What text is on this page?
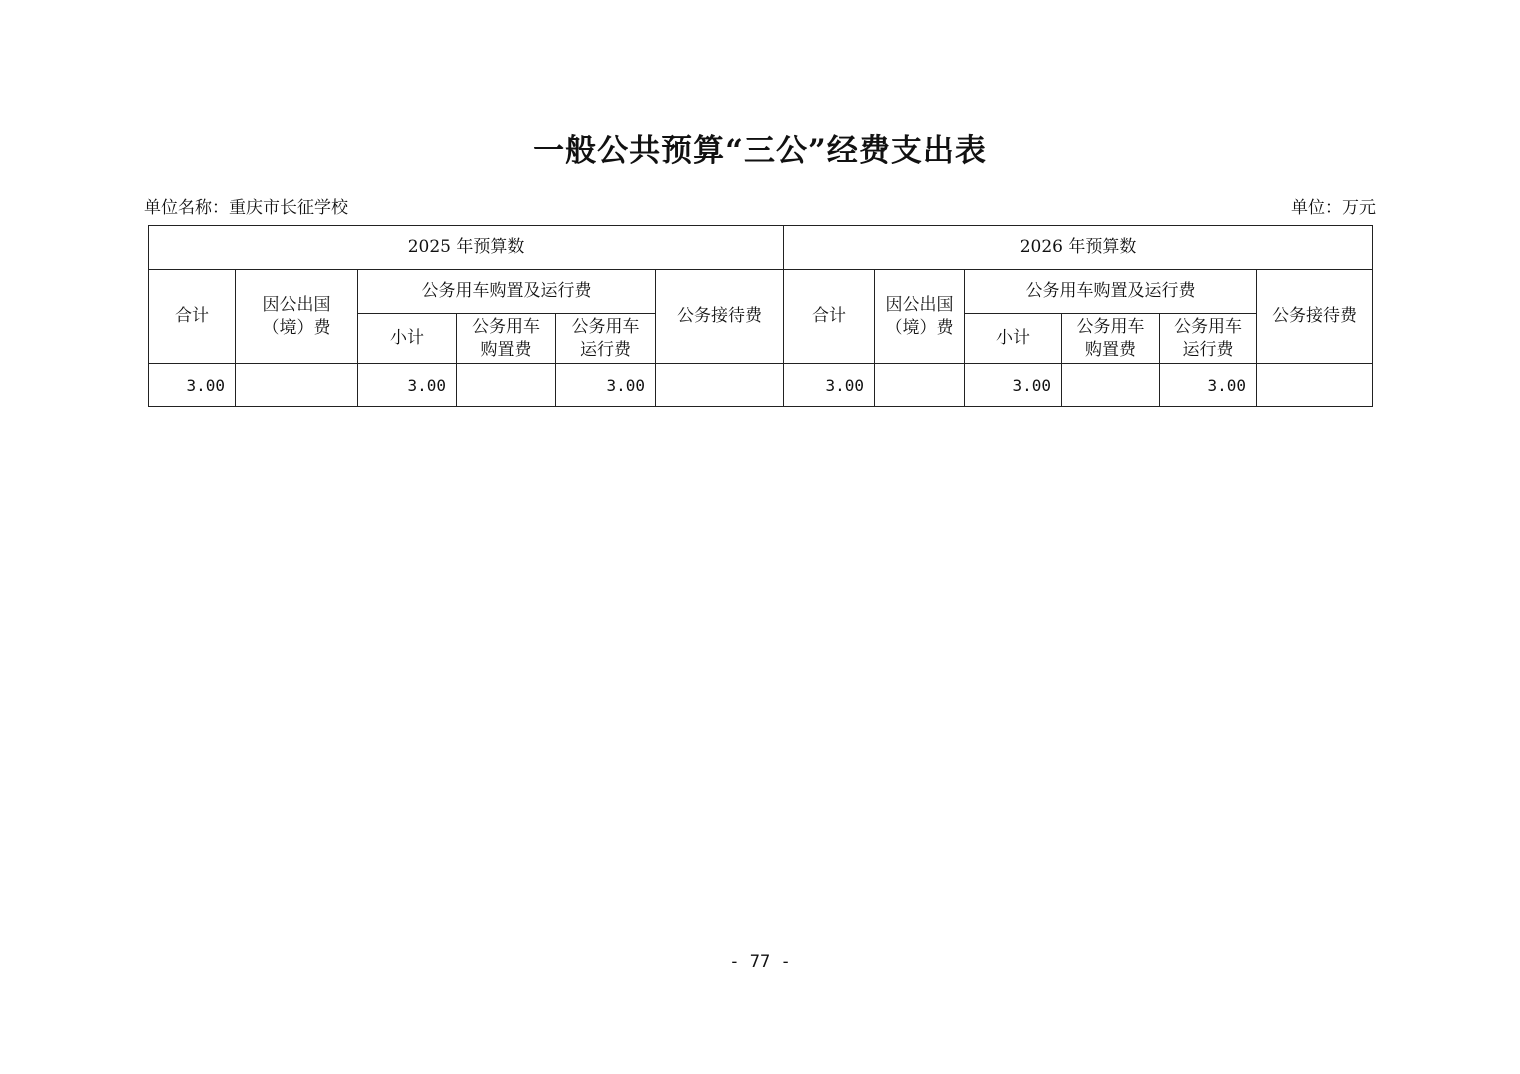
一般公共预算“三公”经费支出表
单位名称：重庆市长征学校	单位：万元
2025 年预算数						2026 年预算数					
合计	因公出国（境）费	公务用车购置及运行费			公务接待费	合计	因公出国（境）费	公务用车购置及运行费			公务接待费
		小计	公务用车购置费	公务用车运行费				小计	公务用车购置费	公务用车运行费	
3.00		3.00		3.00		3.00		3.00		3.00	
- 77 -
